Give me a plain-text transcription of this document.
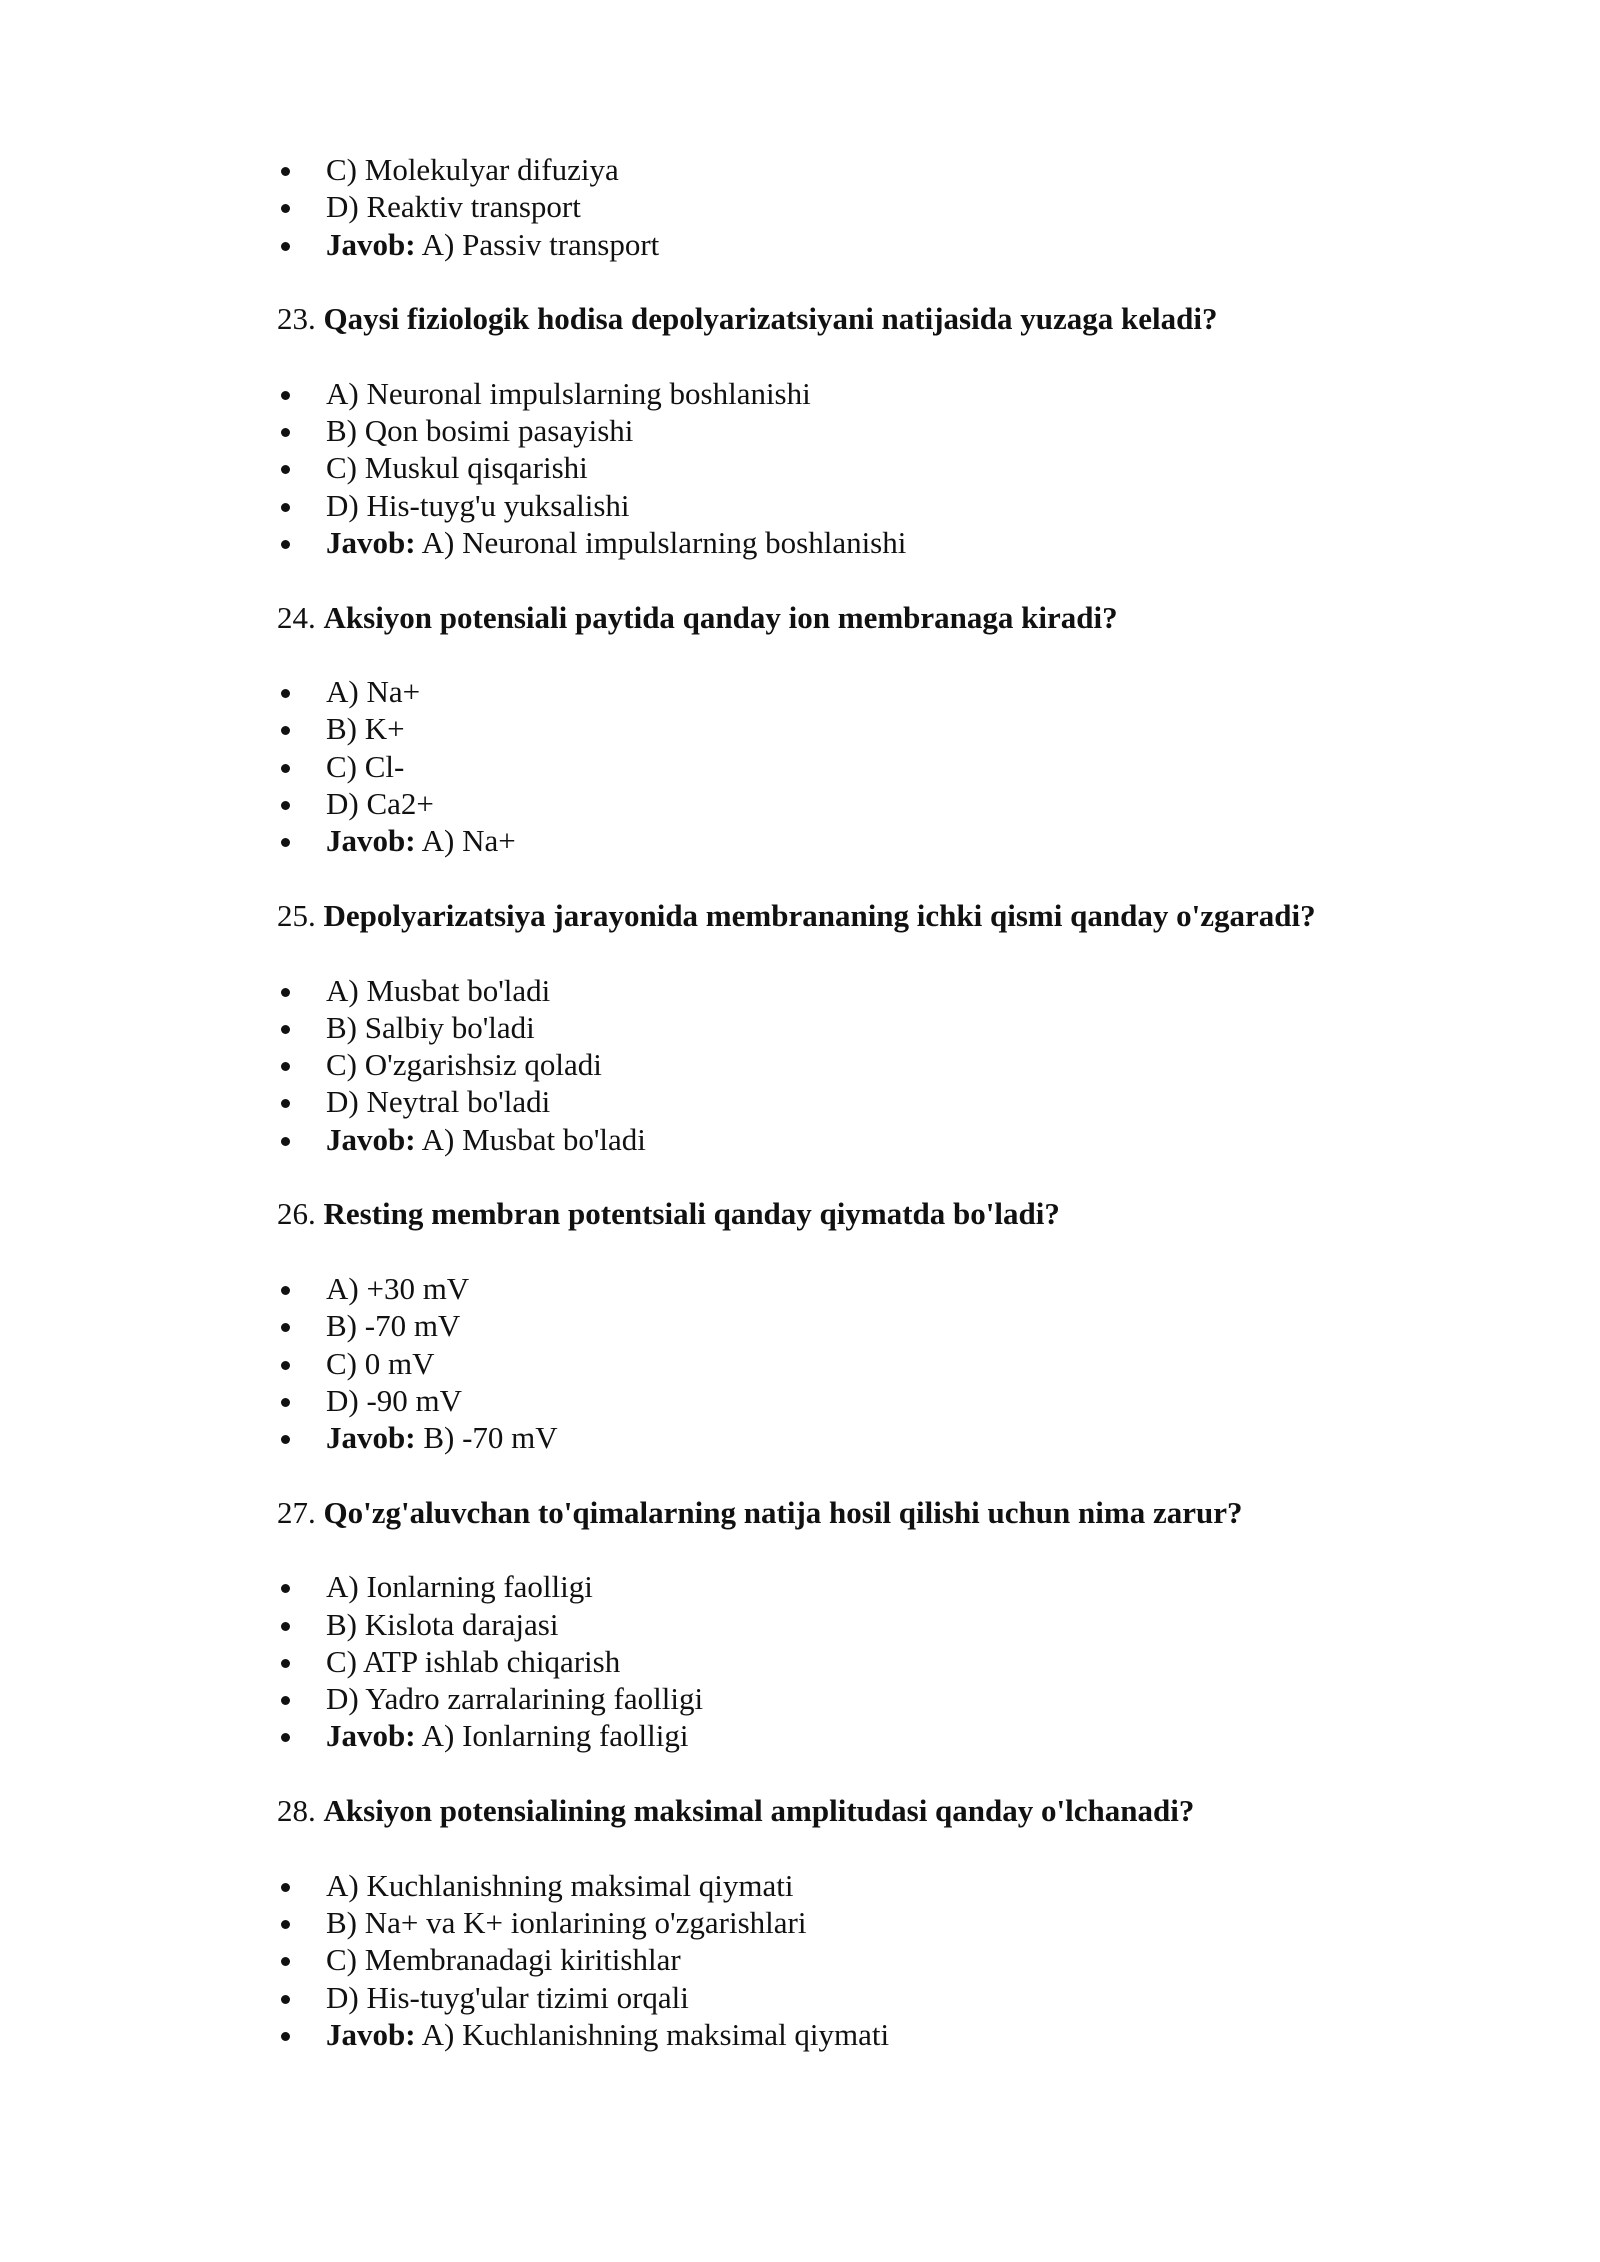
C) Molekulyar difuziya
D) Reaktiv transport
Javob: A) Passiv transport
23. Qaysi fiziologik hodisa depolyarizatsiyani natijasida yuzaga keladi?
A) Neuronal impulslarning boshlanishi
B) Qon bosimi pasayishi
C) Muskul qisqarishi
D) His-tuyg'u yuksalishi
Javob: A) Neuronal impulslarning boshlanishi
24. Aksiyon potensiali paytida qanday ion membranaga kiradi?
A) Na+
B) K+
C) Cl-
D) Ca2+
Javob: A) Na+
25. Depolyarizatsiya jarayonida membrananing ichki qismi qanday o'zgaradi?
A) Musbat bo'ladi
B) Salbiy bo'ladi
C) O'zgarishsiz qoladi
D) Neytral bo'ladi
Javob: A) Musbat bo'ladi
26. Resting membran potentsiali qanday qiymatda bo'ladi?
A) +30 mV
B) -70 mV
C) 0 mV
D) -90 mV
Javob: B) -70 mV
27. Qo'zg'aluvchan to'qimalarning natija hosil qilishi uchun nima zarur?
A) Ionlarning faolligi
B) Kislota darajasi
C) ATP ishlab chiqarish
D) Yadro zarralarining faolligi
Javob: A) Ionlarning faolligi
28. Aksiyon potensialining maksimal amplitudasi qanday o'lchanadi?
A) Kuchlanishning maksimal qiymati
B) Na+ va K+ ionlarining o'zgarishlari
C) Membranadagi kiritishlar
D) His-tuyg'ular tizimi orqali
Javob: A) Kuchlanishning maksimal qiymati
